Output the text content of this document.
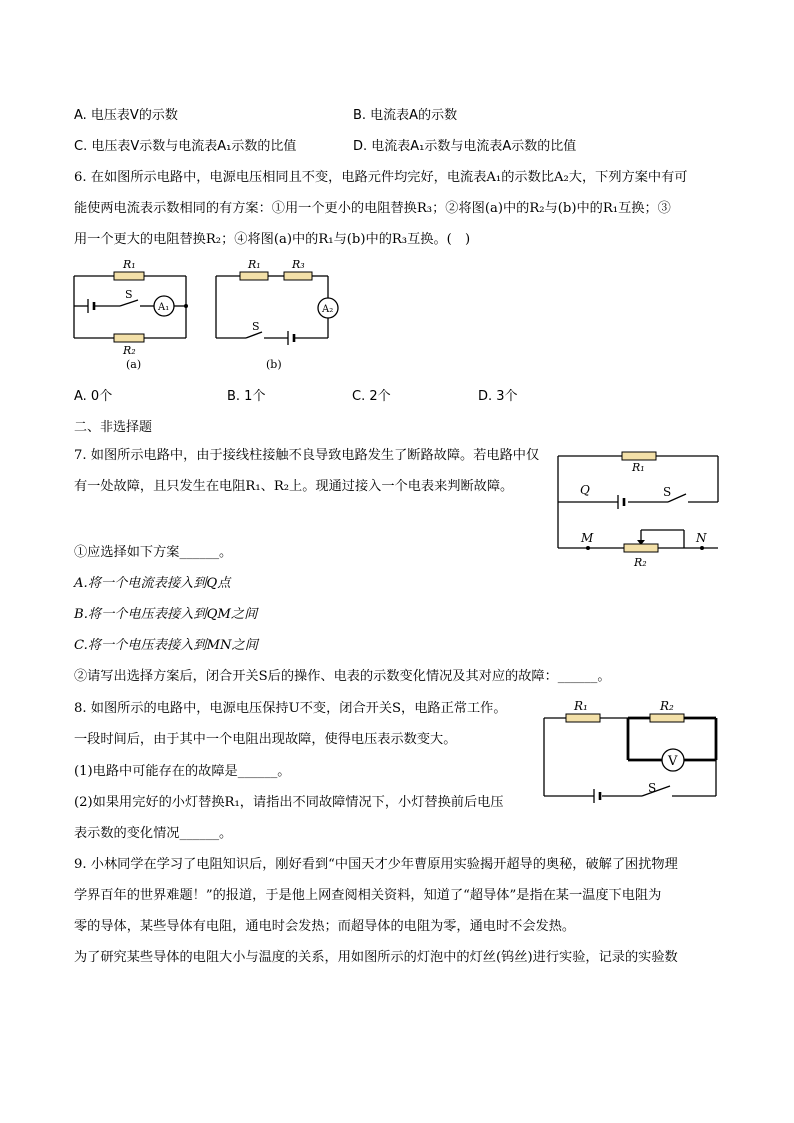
A. 电压表V的示数	B. 电流表A的示数
C. 电压表V示数与电流表A₁示数的比值	D. 电流表A₁示数与电流表A示数的比值
6. 在如图所示电路中，电源电压相同且不变，电路元件均完好，电流表A₁的示数比A₂大，下列方案中有可
能使两电流表示数相同的有方案：①用一个更小的电阻替换R₃；②将图(a)中的R₂与(b)中的R₁互换；③
用一个更大的电阻替换R₂；④将图(a)中的R₁与(b)中的R₃互换。(　)
R₁
R₂
S
A₁
(a)
R₁	R₃
S
A₂
(b)
A. 0个	B. 1个	C. 2个	D. 3个
二、非选择题
7. 如图所示电路中，由于接线柱接触不良导致电路发生了断路故障。若电路中仅有一处故障，且只发生在电阻R₁、R₂上。现通过接入一个电表来判断故障。
①应选择如下方案______。
A.将一个电流表接入到Q点
B.将一个电压表接入到QM之间
C.将一个电压表接入到MN之间
②请写出选择方案后，闭合开关S后的操作、电表的示数变化情况及其对应的故障：______。
R₁
R₂
Q	S
M	N
8. 如图所示的电路中，电源电压保持U不变，闭合开关S，电路正常工作。
一段时间后，由于其中一个电阻出现故障，使得电压表示数变大。
(1)电路中可能存在的故障是______。
(2)如果用完好的小灯替换R₁，请指出不同故障情况下，小灯替换前后电压
表示数的变化情况______。
R₁	R₂
V
S
9. 小林同学在学习了电阻知识后，刚好看到“中国天才少年曹原用实验揭开超导的奥秘，破解了困扰物理
学界百年的世界难题！”的报道，于是他上网查阅相关资料，知道了“超导体”是指在某一温度下电阻为
零的导体，某些导体有电阻，通电时会发热；而超导体的电阻为零，通电时不会发热。
为了研究某些导体的电阻大小与温度的关系，用如图所示的灯泡中的灯丝(钨丝)进行实验，记录的实验数
